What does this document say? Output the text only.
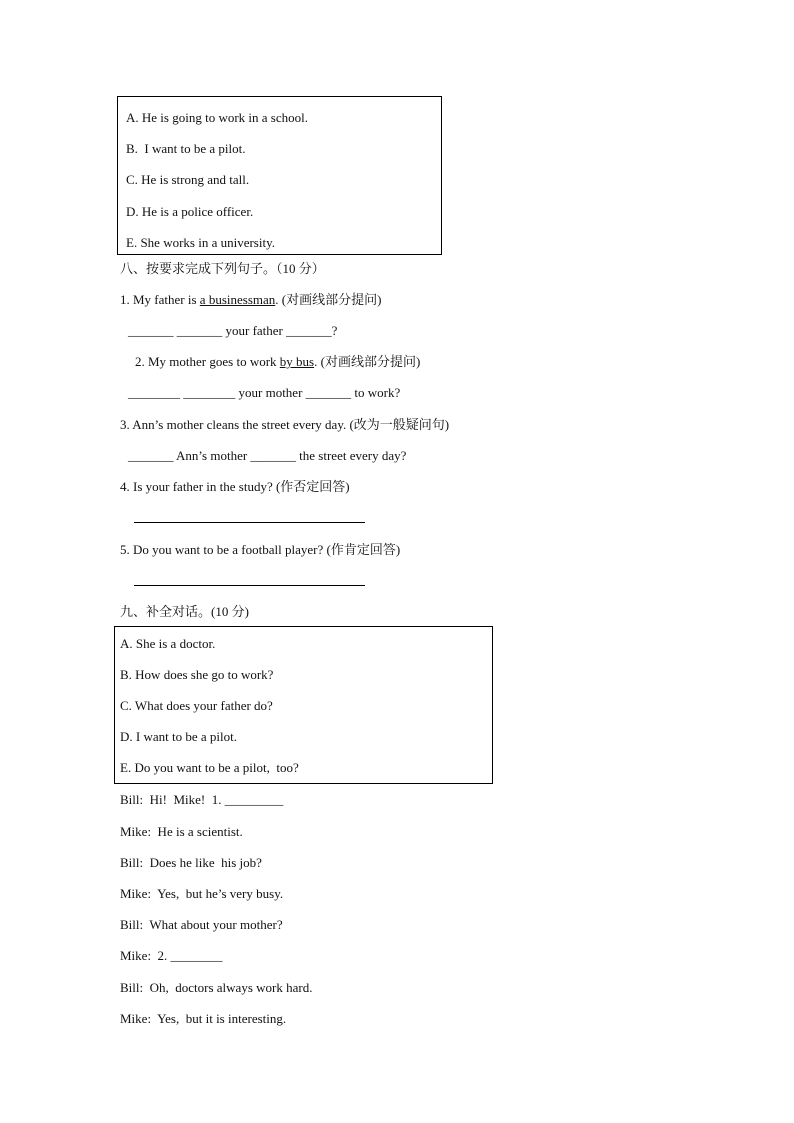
A. He is going to work in a school.
B.  I want to be a pilot.
C. He is strong and tall.
D. He is a police officer.
E. She works in a university.
八、按要求完成下列句子。（10 分）
1. My father is a businessman. (对画线部分提问)
_______ _______ your father _______?
2. My mother goes to work by bus. (对画线部分提问)
________ ________ your mother _______ to work?
3. Ann’s mother cleans the street every day. (改为一般疑问句)
_______ Ann’s mother _______ the street every day?
4. Is your father in the study? (作否定回答)
5. Do you want to be a football player? (作肯定回答)
九、补全对话。(10 分)
A. She is a doctor.
B. How does she go to work?
C. What does your father do?
D. I want to be a pilot.
E. Do you want to be a pilot,  too?
Bill:  Hi!  Mike!  1. _________
Mike:  He is a scientist.
Bill:  Does he like  his job?
Mike:  Yes,  but he’s very busy.
Bill:  What about your mother?
Mike:  2. ________
Bill:  Oh,  doctors always work hard.
Mike:  Yes,  but it is interesting.
